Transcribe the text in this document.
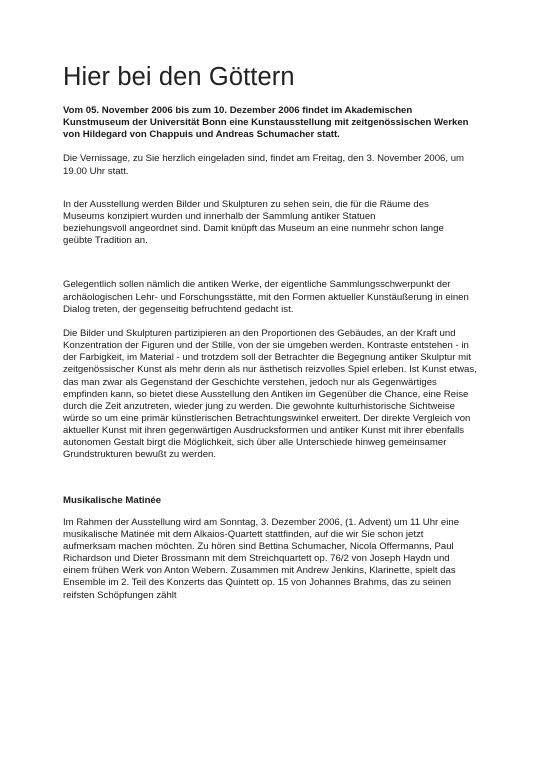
Hier bei den Göttern

Vom 05. November 2006 bis zum 10. Dezember 2006 findet im Akademischen
Kunstmuseum der Universität Bonn eine Kunstausstellung mit zeitgenössischen Werken
von Hildegard von Chappuis und Andreas Schumacher statt.

Die Vernissage, zu Sie herzlich eingeladen sind, findet am Freitag, den 3. November 2006, um
19.00 Uhr statt.

In der Ausstellung werden Bilder und Skulpturen zu sehen sein, die für die Räume des
Museums konzipiert wurden und innerhalb der Sammlung antiker Statuen
beziehungsvoll angeordnet sind. Damit knüpft das Museum an eine nunmehr schon lange
geübte Tradition an.

Gelegentlich sollen nämlich die antiken Werke, der eigentliche Sammlungsschwerpunkt der
archäologischen Lehr- und Forschungsstätte, mit den Formen aktueller Kunstäußerung in einen
Dialog treten, der gegenseitig befruchtend gedacht ist.

Die Bilder und Skulpturen partizipieren an den Proportionen des Gebäudes, an der Kraft und
Konzentration der Figuren und der Stille, von der sie umgeben werden. Kontraste entstehen - in
der Farbigkeit, im Material - und trotzdem soll der Betrachter die Begegnung antiker Skulptur mit
zeitgenössischer Kunst als mehr denn als nur ästhetisch reizvolles Spiel erleben. Ist Kunst etwas,
das man zwar als Gegenstand der Geschichte verstehen, jedoch nur als Gegenwärtiges
empfinden kann, so bietet diese Ausstellung den Antiken im Gegenüber die Chance, eine Reise
durch die Zeit anzutreten, wieder jung zu werden. Die gewohnte kulturhistorische Sichtweise
würde so um eine primär künstlerischen Betrachtungswinkel erweitert. Der direkte Vergleich von
aktueller Kunst mit ihren gegenwärtigen Ausdrucksformen und antiker Kunst mit ihrer ebenfalls
autonomen Gestalt birgt die Möglichkeit, sich über alle Unterschiede hinweg gemeinsamer
Grundstrukturen bewußt zu werden.

Musikalische Matinée

Im Rahmen der Ausstellung wird am Sonntag, 3. Dezember 2006, (1. Advent) um 11 Uhr eine
musikalische Matinée mit dem Alkaios-Quartett stattfinden, auf die wir Sie schon jetzt
aufmerksam machen möchten. Zu hören sind Bettina Schumacher, Nicola Offermanns, Paul
Richardson und Dieter Brossmann mit dem Streichquartett op. 76/2 von Joseph Haydn und
einem frühen Werk von Anton Webern. Zusammen mit Andrew Jenkins, Klarinette, spielt das
Ensemble im 2. Teil des Konzerts das Quintett op. 15 von Johannes Brahms, das zu seinen
reifsten Schöpfungen zählt
